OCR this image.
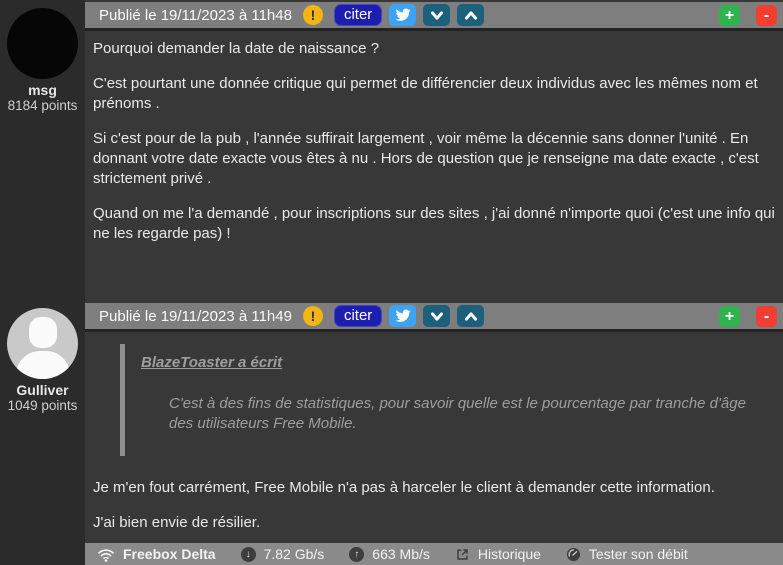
msg
8184 points
Publié le 19/11/2023 à 11h48	!	citer	+	-

Pourquoi demander la date de naissance ?

C'est pourtant une donnée critique qui permet de différencier deux individus avec les mêmes nom et prénoms .

Si c'est pour de la pub , l'année suffirait largement , voir même la décennie sans donner l'unité . En donnant votre date exacte vous êtes à nu . Hors de question que je renseigne ma date exacte , c'est strictement privé .

Quand on me l'a demandé , pour inscriptions sur des sites , j'ai donné n'importe quoi (c'est une info qui ne les regarde pas) !

Gulliver
1049 points
Publié le 19/11/2023 à 11h49	!	citer	+	-
BlazeToaster a écrit
C'est à des fins de statistiques, pour savoir quelle est le pourcentage par tranche d'âge des utilisateurs Free Mobile.

Je m'en fout carrément, Free Mobile n'a pas à harceler le client à demander cette information.

J'ai bien envie de résilier.

Freebox Delta	↓ 7.82 Gb/s	↑ 663 Mb/s	Historique	Tester son débit
